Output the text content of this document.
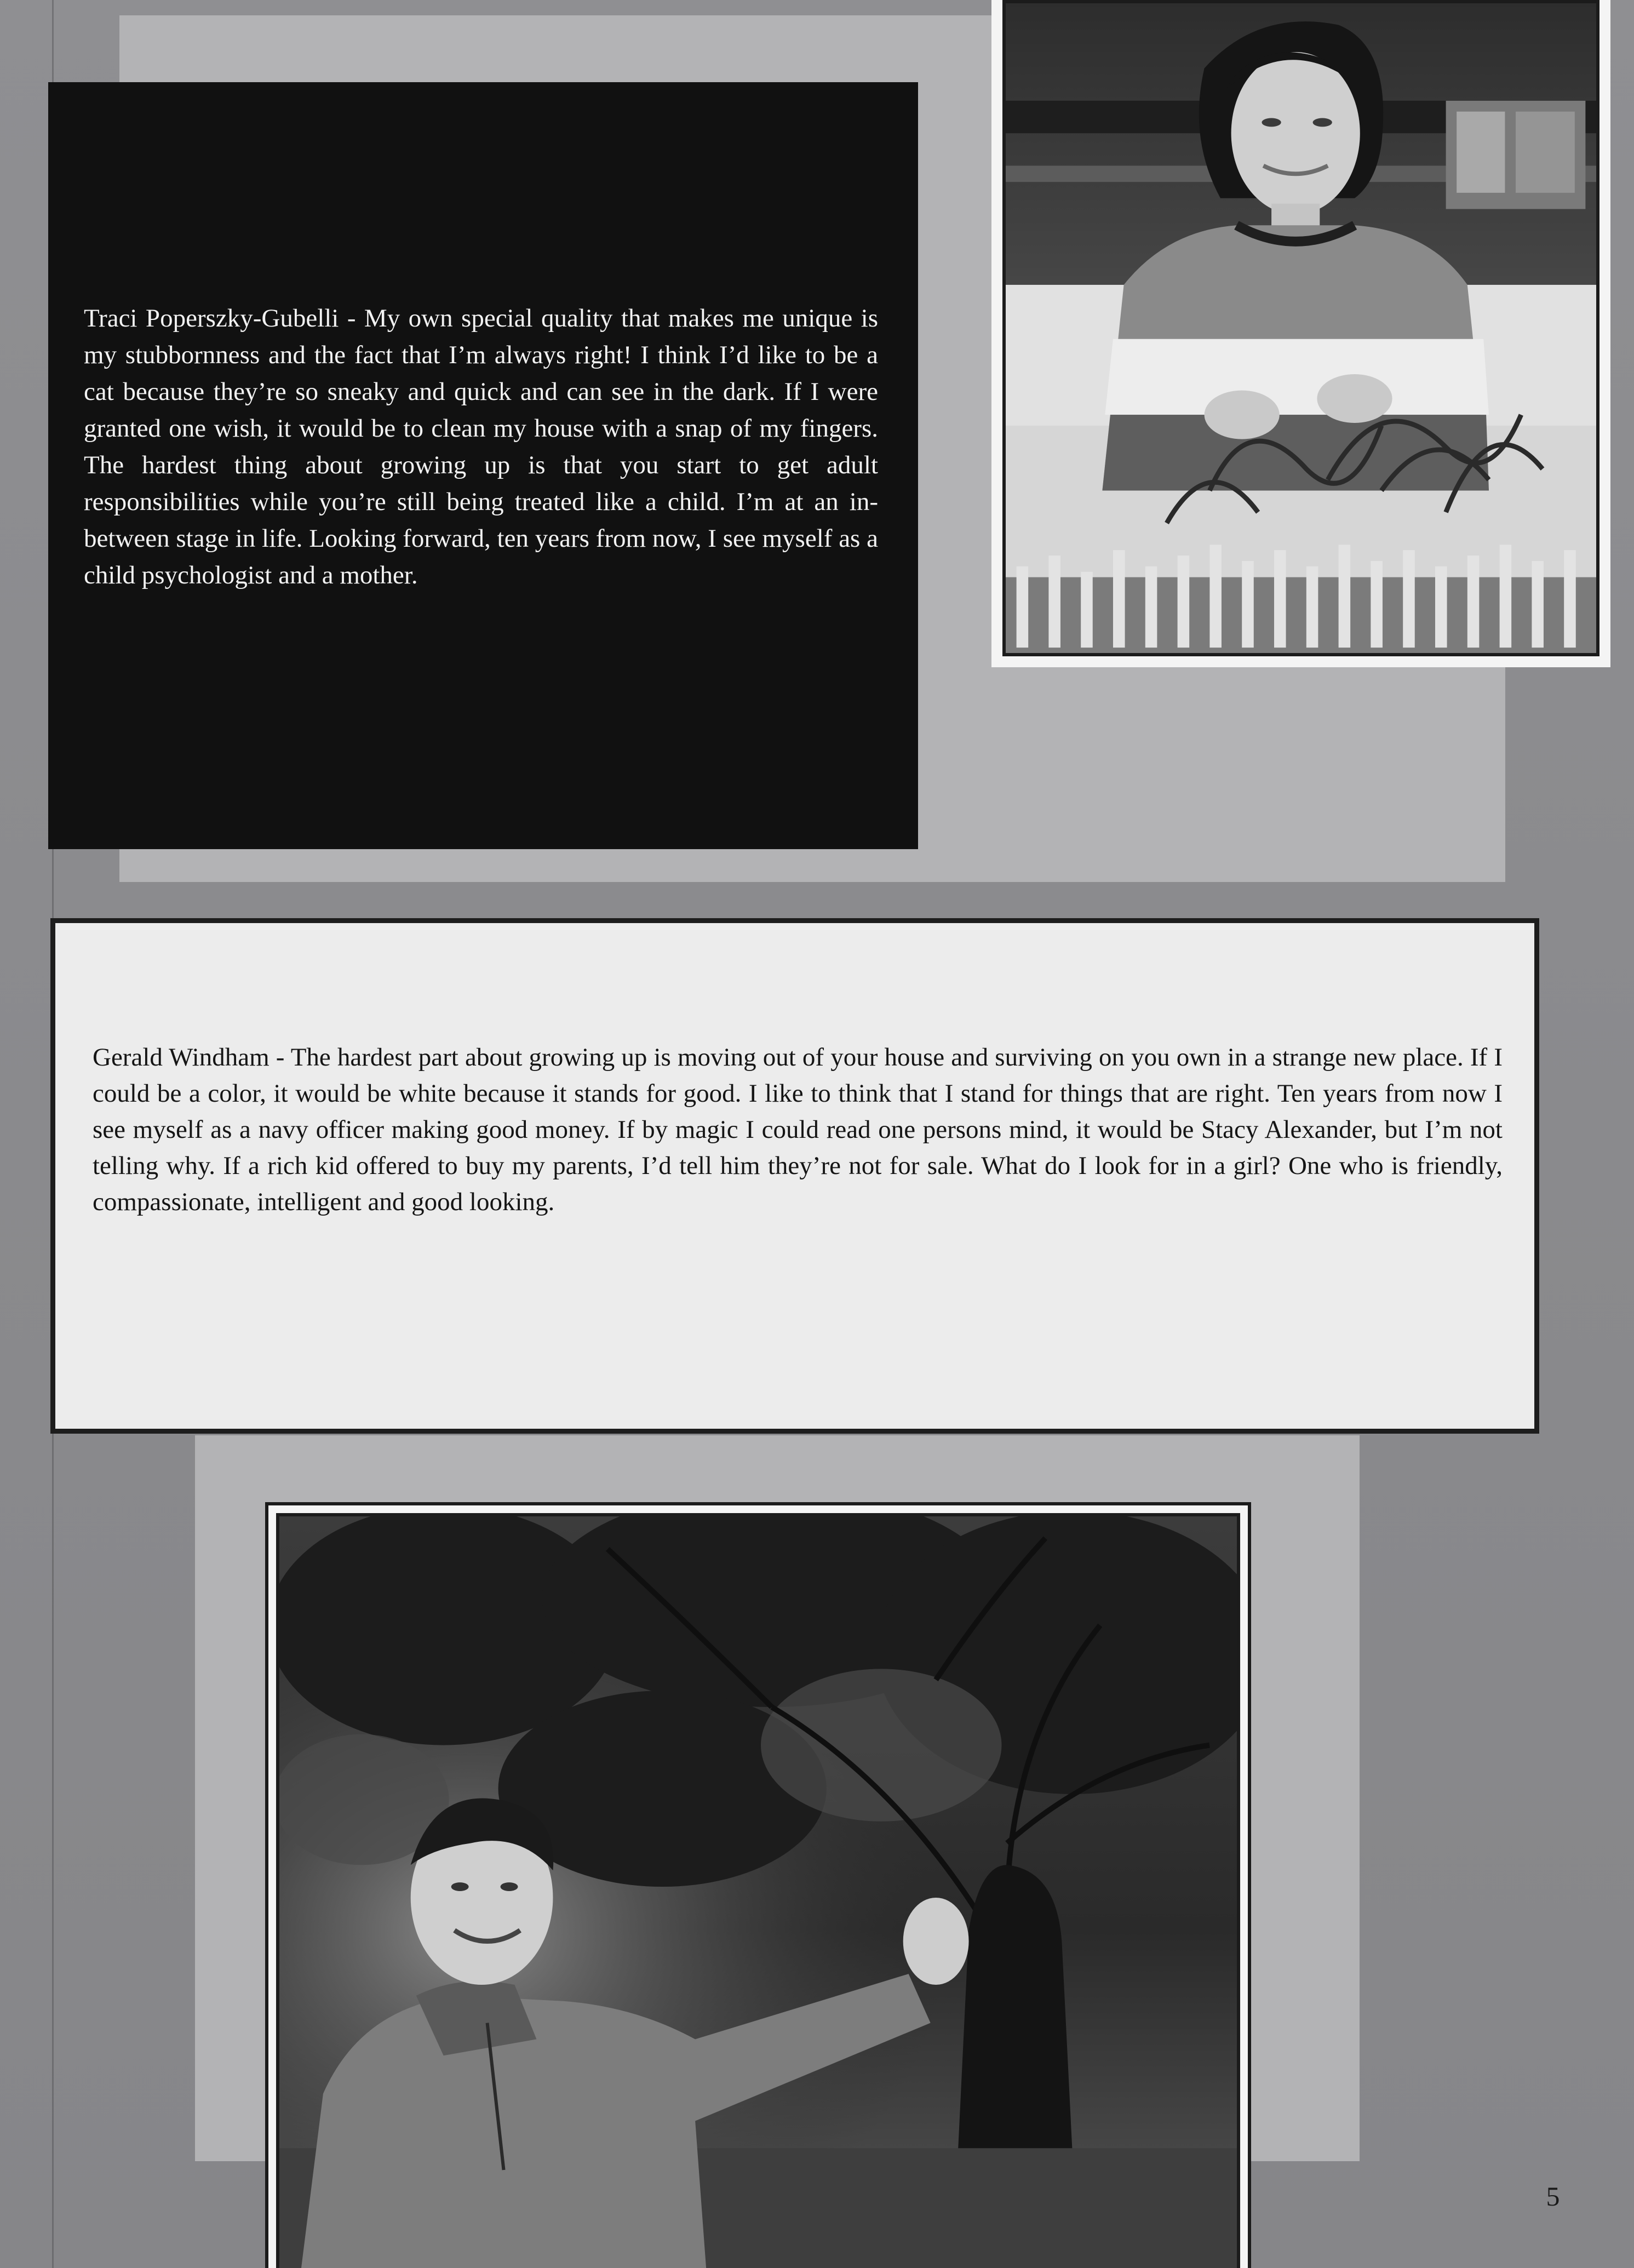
Traci Poperszky-Gubelli - My own special quality that makes me unique is my stubbornness and the fact that I’m always right! I think I’d like to be a cat because they’re so sneaky and quick and can see in the dark. If I were granted one wish, it would be to clean my house with a snap of my fingers. The hardest thing about growing up is that you start to get adult responsibilities while you’re still being treated like a child. I’m at an in-between stage in life. Looking forward, ten years from now, I see myself as a child psychologist and a mother.
Gerald Windham - The hardest part about growing up is moving out of your house and surviving on you own in a strange new place. If I could be a color, it would be white because it stands for good. I like to think that I stand for things that are right. Ten years from now I see myself as a navy officer making good money. If by magic I could read one persons mind, it would be Stacy Alexander, but I’m not telling why. If a rich kid offered to buy my parents, I’d tell him they’re not for sale. What do I look for in a girl? One who is friendly, compassionate, intelligent and good looking.
5
